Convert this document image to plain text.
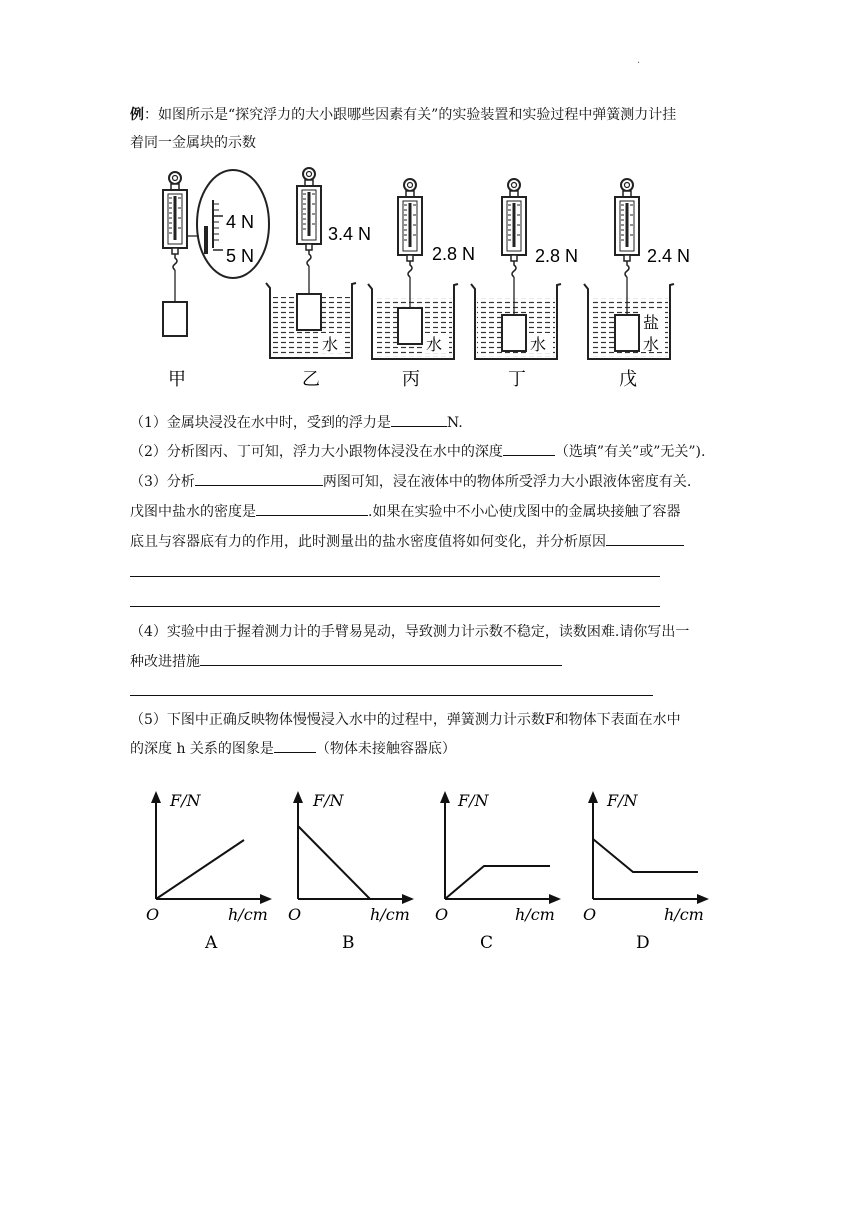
·
例：如图所示是“探究浮力的大小跟哪些因素有关”的实验装置和实验过程中弹簧测力计挂
着同一金属块的示数
4 N
5 N
甲
水
3.4 N
乙
水
2.8 N
丙
水
2.8 N
丁
盐
水
2.4 N
戊
（1）金属块浸没在水中时，受到的浮力是	N.
（2）分析图丙、丁可知，浮力大小跟物体浸没在水中的深度	（选填”有关”或”无关”).
（3）分析	两图可知，浸在液体中的物体所受浮力大小跟液体密度有关.
戊图中盐水的密度是	.如果在实验中不小心使戊图中的金属块接触了容器
底且与容器底有力的作用，此时测量出的盐水密度值将如何变化，并分析原因
（4）实验中由于握着测力计的手臂易晃动，导致测力计示数不稳定，读数困难.请你写出一
种改进措施
（5）下图中正确反映物体慢慢浸入水中的过程中，弹簧测力计示数F和物体下表面在水中
的深度 h 关系的图象是	（物体未接触容器底）
F/N
h/cm
O
A
F/N
h/cm
O
B
F/N
h/cm
O
C
F/N
h/cm
O
D
